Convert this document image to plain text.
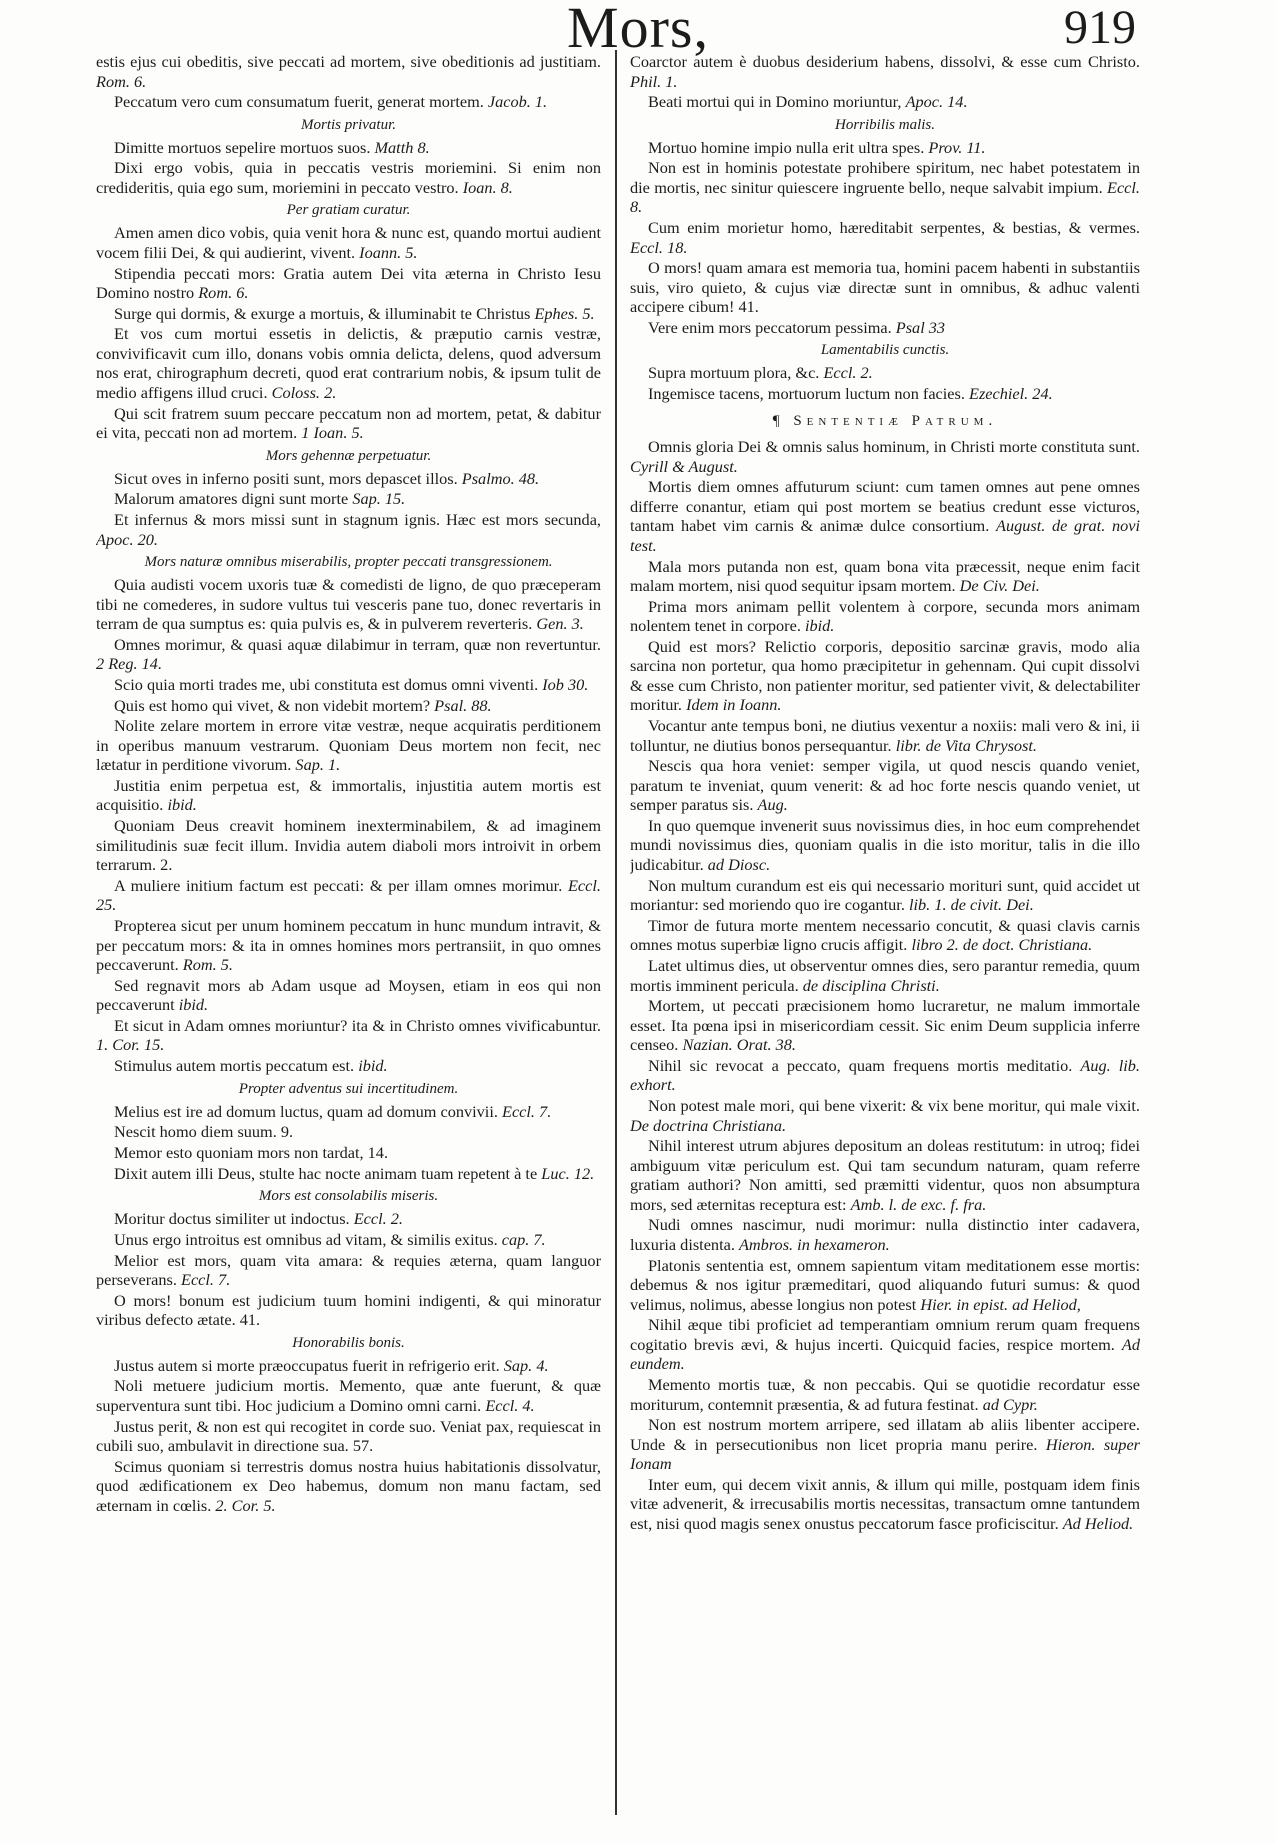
Mors,	919
estis ejus cui obeditis, sive peccati ad mortem, sive obeditionis ad justitiam. Rom. 6.
Peccatum vero cum consumatum fuerit, generat mortem. Jacob. 1.
Mortis privatur.
Dimitte mortuos sepelire mortuos suos. Matth 8.
Dixi ergo vobis, quia in peccatis vestris moriemini. Si enim non credideritis, quia ego sum, moriemini in peccato vestro. Ioan. 8.
Per gratiam curatur.
Amen amen dico vobis, quia venit hora & nunc est, quando mortui audient vocem filii Dei, & qui audierint, vivent. Ioann. 5.
Stipendia peccati mors: Gratia autem Dei vita æterna in Christo Iesu Domino nostro Rom. 6.
Surge qui dormis, & exurge a mortuis, & illuminabit te Christus Ephes. 5.
Et vos cum mortui essetis in delictis, & præputio carnis vestræ, convivificavit cum illo, donans vobis omnia delicta, delens, quod adversum nos erat, chirographum decreti, quod erat contrarium nobis, & ipsum tulit de medio affigens illud cruci. Coloss. 2.
Qui scit fratrem suum peccare peccatum non ad mortem, petat, & dabitur ei vita, peccati non ad mortem. 1 Ioan. 5.
Mors gehennæ perpetuatur.
Sicut oves in inferno positi sunt, mors depascet illos. Psalmo. 48.
Malorum amatores digni sunt morte Sap. 15.
Et infernus & mors missi sunt in stagnum ignis. Hæc est mors secunda, Apoc. 20.
Mors naturæ omnibus miserabilis, propter peccati transgressionem.
Quia audisti vocem uxoris tuæ & comedisti de ligno, de quo præceperam tibi ne comederes, in sudore vultus tui vesceris pane tuo, donec revertaris in terram de qua sumptus es: quia pulvis es, & in pulverem reverteris. Gen. 3.
Omnes morimur, & quasi aquæ dilabimur in terram, quæ non revertuntur. 2 Reg. 14.
Scio quia morti trades me, ubi constituta est domus omni viventi. Iob 30.
Quis est homo qui vivet, & non videbit mortem? Psal. 88.
Nolite zelare mortem in errore vitæ vestræ, neque acquiratis perditionem in operibus manuum vestrarum. Quoniam Deus mortem non fecit, nec lætatur in perditione vivorum. Sap. 1.
Justitia enim perpetua est, & immortalis, injustitia autem mortis est acquisitio. ibid.
Quoniam Deus creavit hominem inexterminabilem, & ad imaginem similitudinis suæ fecit illum. Invidia autem diaboli mors introivit in orbem terrarum. 2.
A muliere initium factum est peccati: & per illam omnes morimur. Eccl. 25.
Propterea sicut per unum hominem peccatum in hunc mundum intravit, & per peccatum mors: & ita in omnes homines mors pertransiit, in quo omnes peccaverunt. Rom. 5.
Sed regnavit mors ab Adam usque ad Moysen, etiam in eos qui non peccaverunt ibid.
Et sicut in Adam omnes moriuntur? ita & in Christo omnes vivificabuntur. 1. Cor. 15.
Stimulus autem mortis peccatum est. ibid.
Propter adventus sui incertitudinem.
Melius est ire ad domum luctus, quam ad domum convivii. Eccl. 7.
Nescit homo diem suum. 9.
Memor esto quoniam mors non tardat, 14.
Dixit autem illi Deus, stulte hac nocte animam tuam repetent à te Luc. 12.
Mors est consolabilis miseris.
Moritur doctus similiter ut indoctus. Eccl. 2.
Unus ergo introitus est omnibus ad vitam, & similis exitus. cap. 7.
Melior est mors, quam vita amara: & requies æterna, quam languor perseverans. Eccl. 7.
O mors! bonum est judicium tuum homini indigenti, & qui minoratur viribus defecto ætate. 41.
Honorabilis bonis.
Justus autem si morte præoccupatus fuerit in refrigerio erit. Sap. 4.
Noli metuere judicium mortis. Memento, quæ ante fuerunt, & quæ superventura sunt tibi. Hoc judicium a Domino omni carni. Eccl. 4.
Justus perit, & non est qui recogitet in corde suo. Veniat pax, requiescat in cubili suo, ambulavit in directione sua. 57.
Scimus quoniam si terrestris domus nostra huius habitationis dissolvatur, quod ædificationem ex Deo habemus, domum non manu factam, sed æternam in cœlis. 2. Cor. 5.
Coarctor autem è duobus desiderium habens, dissolvi, & esse cum Christo. Phil. 1.
Beati mortui qui in Domino moriuntur, Apoc. 14.
Horribilis malis.
Mortuo homine impio nulla erit ultra spes. Prov. 11.
Non est in hominis potestate prohibere spiritum, nec habet potestatem in die mortis, nec sinitur quiescere ingruente bello, neque salvabit impium. Eccl. 8.
Cum enim morietur homo, hæreditabit serpentes, & bestias, & vermes. Eccl. 18.
O mors! quam amara est memoria tua, homini pacem habenti in substantiis suis, viro quieto, & cujus viæ directæ sunt in omnibus, & adhuc valenti accipere cibum! 41.
Vere enim mors peccatorum pessima. Psal 33
Lamentabilis cunctis.
Supra mortuum plora, &c. Eccl. 2.
Ingemisce tacens, mortuorum luctum non facies. Ezechiel. 24.
¶ Sententiæ Patrum.
Omnis gloria Dei & omnis salus hominum, in Christi morte constituta sunt. Cyrill & August.
Mortis diem omnes affuturum sciunt: cum tamen omnes aut pene omnes differre conantur, etiam qui post mortem se beatius credunt esse victuros, tantam habet vim carnis & animæ dulce consortium. August. de grat. novi test.
Mala mors putanda non est, quam bona vita præcessit, neque enim facit malam mortem, nisi quod sequitur ipsam mortem. De Civ. Dei.
Prima mors animam pellit volentem à corpore, secunda mors animam nolentem tenet in corpore. ibid.
Quid est mors? Relictio corporis, depositio sarcinæ gravis, modo alia sarcina non portetur, qua homo præcipitetur in gehennam. Qui cupit dissolvi & esse cum Christo, non patienter moritur, sed patienter vivit, & delectabiliter moritur. Idem in Ioann.
Vocantur ante tempus boni, ne diutius vexentur a noxiis: mali vero & ini, ii tolluntur, ne diutius bonos persequantur. libr. de Vita Chrysost.
Nescis qua hora veniet: semper vigila, ut quod nescis quando veniet, paratum te inveniat, quum venerit: & ad hoc forte nescis quando veniet, ut semper paratus sis. Aug.
In quo quemque invenerit suus novissimus dies, in hoc eum comprehendet mundi novissimus dies, quoniam qualis in die isto moritur, talis in die illo judicabitur. ad Diosc.
Non multum curandum est eis qui necessario morituri sunt, quid accidet ut moriantur: sed moriendo quo ire cogantur. lib. 1. de civit. Dei.
Timor de futura morte mentem necessario concutit, & quasi clavis carnis omnes motus superbiæ ligno crucis affigit. libro 2. de doct. Christiana.
Latet ultimus dies, ut observentur omnes dies, sero parantur remedia, quum mortis imminent pericula. de disciplina Christi.
Mortem, ut peccati præcisionem homo lucraretur, ne malum immortale esset. Ita pœna ipsi in misericordiam cessit. Sic enim Deum supplicia inferre censeo. Nazian. Orat. 38.
Nihil sic revocat a peccato, quam frequens mortis meditatio. Aug. lib. exhort.
Non potest male mori, qui bene vixerit: & vix bene moritur, qui male vixit. De doctrina Christiana.
Nihil interest utrum abjures depositum an doleas restitutum: in utroq; fidei ambiguum vitæ periculum est. Qui tam secundum naturam, quam referre gratiam authori? Non amitti, sed præmitti videntur, quos non absumptura mors, sed æternitas receptura est: Amb. l. de exc. f. fra.
Nudi omnes nascimur, nudi morimur: nulla distinctio inter cadavera, luxuria distenta. Ambros. in hexameron.
Platonis sententia est, omnem sapientum vitam meditationem esse mortis: debemus & nos igitur præmeditari, quod aliquando futuri sumus: & quod velimus, nolimus, abesse longius non potest Hier. in epist. ad Heliod,
Nihil æque tibi proficiet ad temperantiam omnium rerum quam frequens cogitatio brevis ævi, & hujus incerti. Quicquid facies, respice mortem. Ad eundem.
Memento mortis tuæ, & non peccabis. Qui se quotidie recordatur esse moriturum, contemnit præsentia, & ad futura festinat. ad Cypr.
Non est nostrum mortem arripere, sed illatam ab aliis libenter accipere. Unde & in persecutionibus non licet propria manu perire. Hieron. super Ionam
Inter eum, qui decem vixit annis, & illum qui mille, postquam idem finis vitæ advenerit, & irrecusabilis mortis necessitas, transactum omne tantundem est, nisi quod magis senex onustus peccatorum fasce proficiscitur. Ad Heliod.
